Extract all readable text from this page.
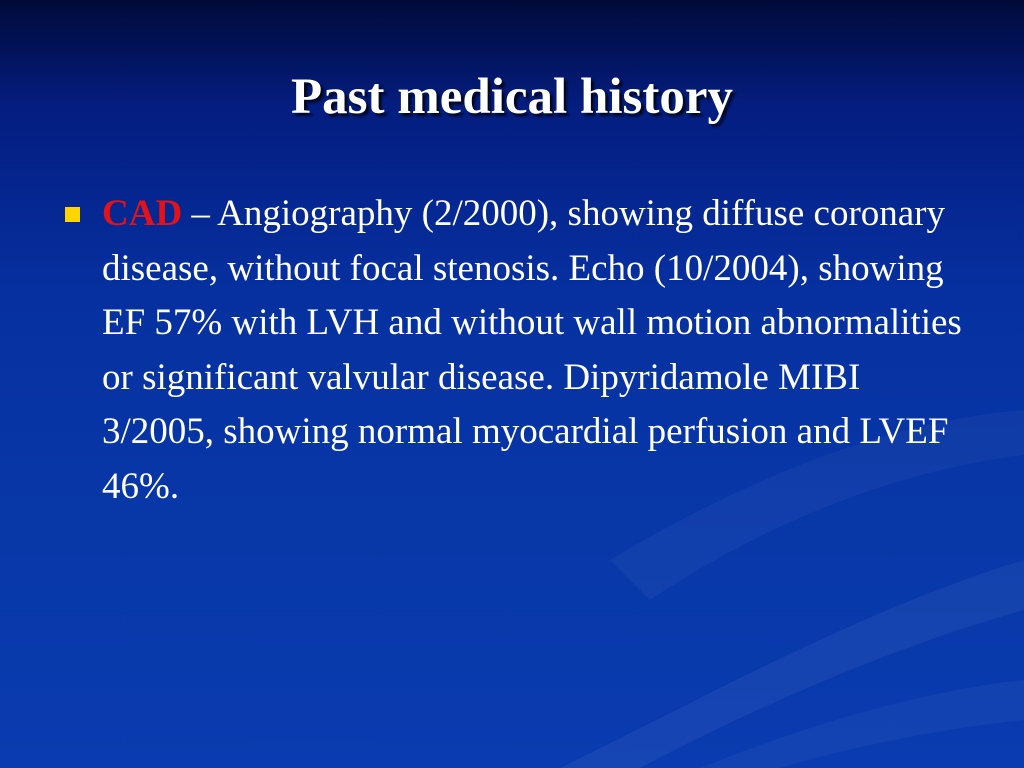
Past medical history
CAD – Angiography (2/2000), showing diffuse coronary disease, without focal stenosis. Echo (10/2004), showing EF 57% with LVH and without wall motion abnormalities or significant valvular disease. Dipyridamole MIBI 3/2005, showing normal myocardial perfusion and LVEF 46%.
